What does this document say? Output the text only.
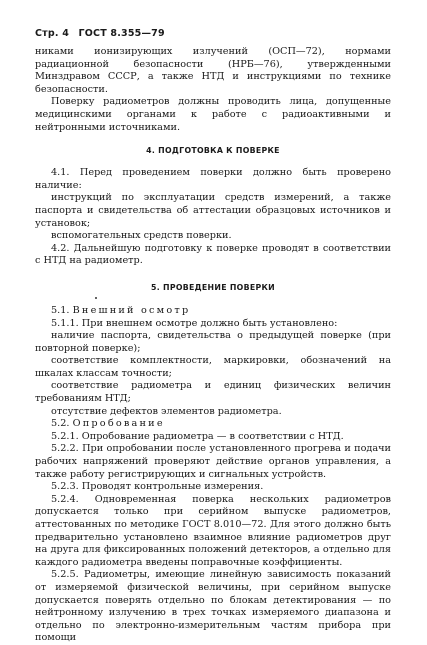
Стр. 4 ГОСТ 8.355—79

никами ионизирующих излучений (ОСП—72), нормами радиационной безопасности (НРБ—76), утвержденными Минздравом СССР, а также НТД и инструкциями по технике безопасности.

Поверку радиометров должны проводить лица, допущенные медицинскими органами к работе с радиоактивными и нейтронными источниками.

4. ПОДГОТОВКА К ПОВЕРКЕ

4.1. Перед проведением поверки должно быть проверено наличие:

инструкций по эксплуатации средств измерений, а также паспорта и свидетельства об аттестации образцовых источников и установок;

вспомогательных средств поверки.

4.2. Дальнейшую подготовку к поверке проводят в соответствии с НТД на радиометр.

5. ПРОВЕДЕНИЕ ПОВЕРКИ

5.1. Внешний осмотр

5.1.1. При внешнем осмотре должно быть установлено:

наличие паспорта, свидетельства о предыдущей поверке (при повторной поверке);

соответствие комплектности, маркировки, обозначений на шкалах классам точности;

соответствие радиометра и единиц физических величин требованиям НТД;

отсутствие дефектов элементов радиометра.

5.2. Опробование

5.2.1. Опробование радиометра — в соответствии с НТД.

5.2.2. При опробовании после установленного прогрева и подачи рабочих напряжений проверяют действие органов управления, а также работу регистрирующих и сигнальных устройств.

5.2.3. Проводят контрольные измерения.

5.2.4. Одновременная поверка нескольких радиометров допускается только при серийном выпуске радиометров, аттестованных по методике ГОСТ 8.010—72. Для этого должно быть предварительно установлено взаимное влияние радиометров друг на друга для фиксированных положений детекторов, а отдельно для каждого радиометра введены поправочные коэффициенты.

5.2.5. Радиометры, имеющие линейную зависимость показаний от измеряемой физической величины, при серийном выпуске допускается поверять отдельно по блокам детектирования — по нейтронному излучению в трех точках измеряемого диапазона и отдельно по электронно-измерительным частям прибора при помощи
